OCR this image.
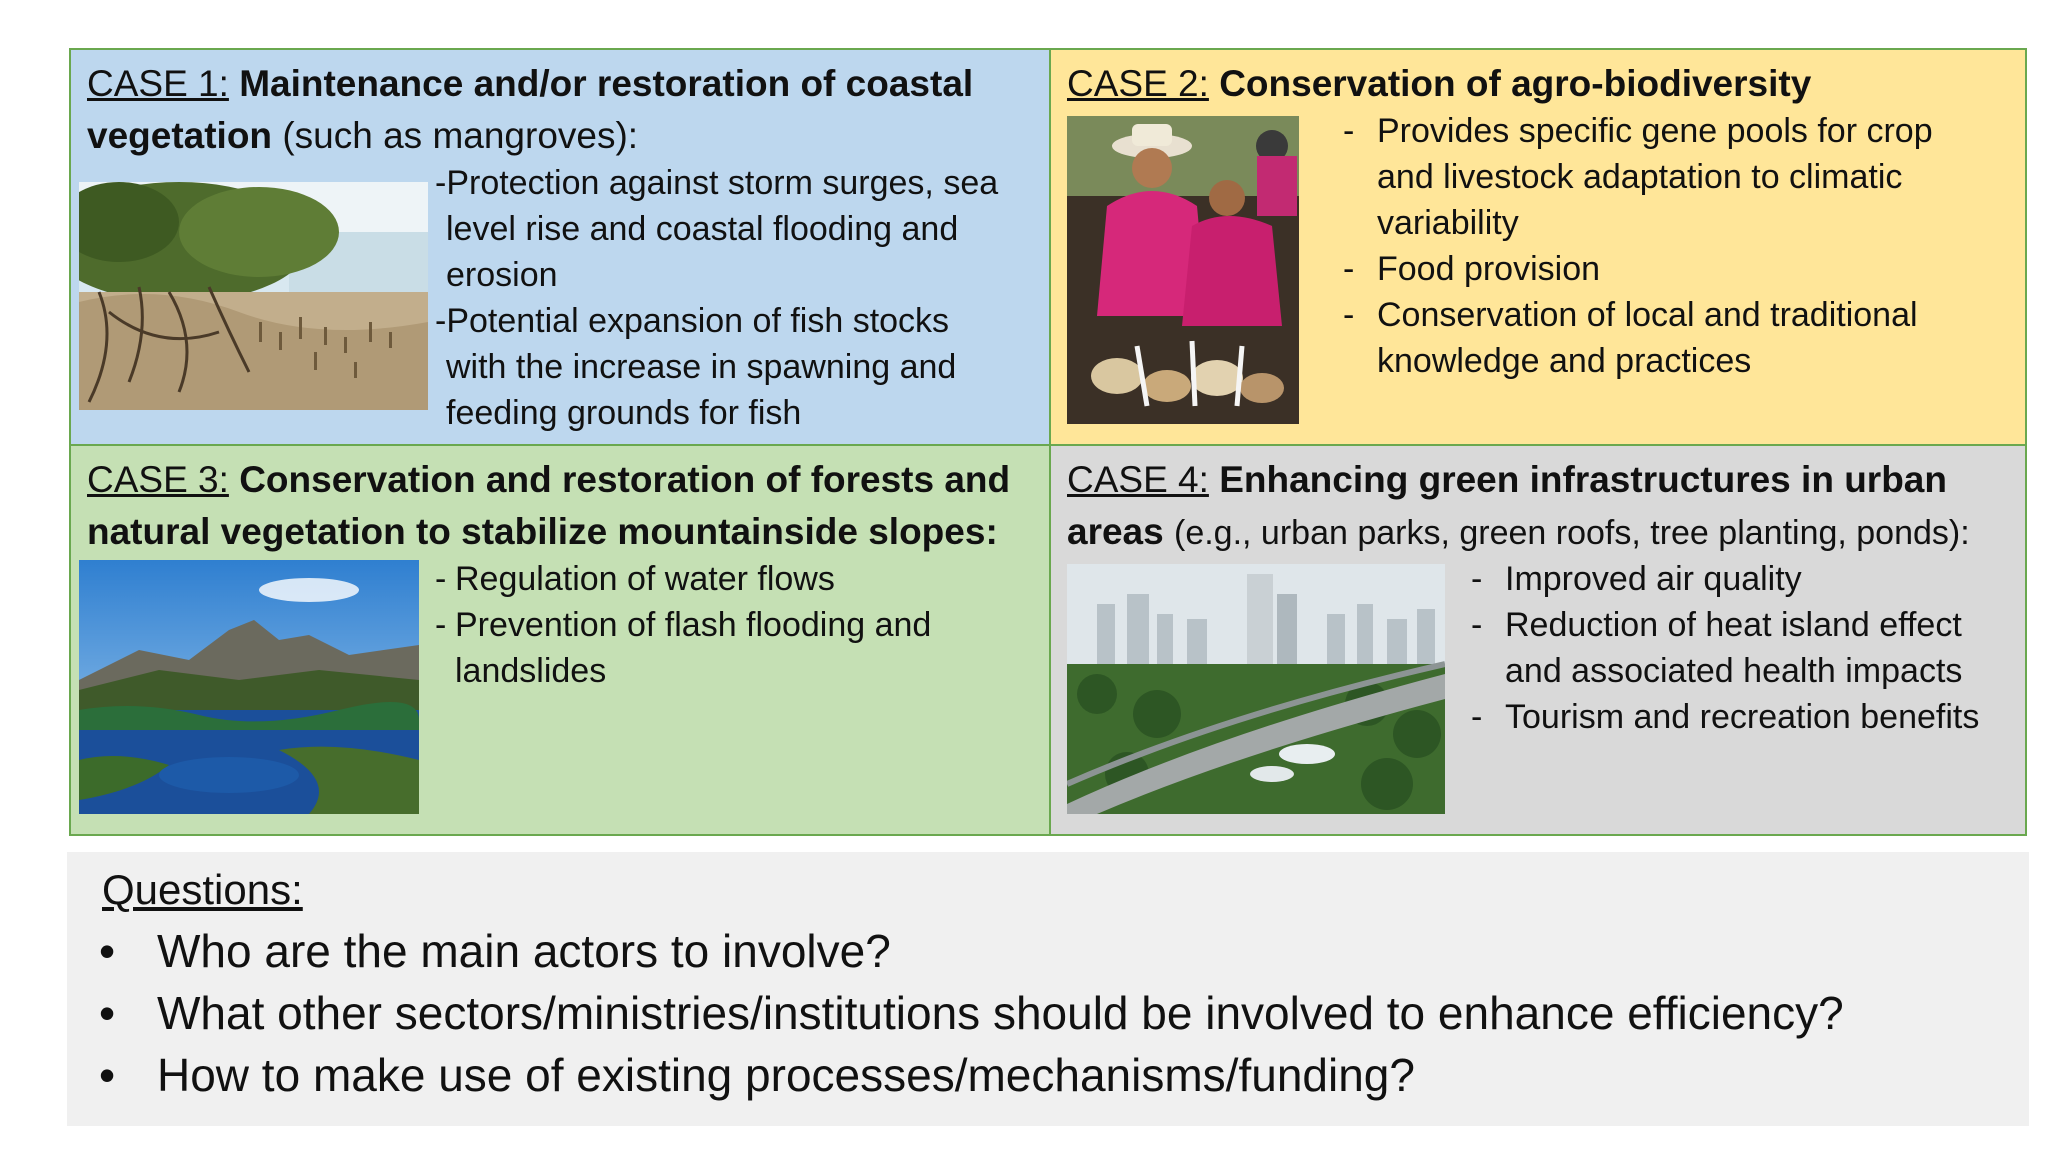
CASE 1: Maintenance and/or restoration of coastal
vegetation (such as mangroves):
-Protection against storm surges, sea
level rise and coastal flooding and
erosion
-Potential expansion of fish stocks
with the increase in spawning and
feeding grounds for fish
CASE 2: Conservation of agro-biodiversity
- Provides specific gene pools for crop
and livestock adaptation to climatic
variability
- Food provision
- Conservation of local and traditional
knowledge and practices
CASE 3: Conservation and restoration of forests and
natural vegetation to stabilize mountainside slopes:
- Regulation of water flows
- Prevention of flash flooding and
landslides
CASE 4: Enhancing green infrastructures in urban
areas (e.g., urban parks, green roofs, tree planting, ponds):
- Improved air quality
- Reduction of heat island effect
and associated health impacts
- Tourism and recreation benefits
Questions:
• Who are the main actors to involve?
• What other sectors/ministries/institutions should be involved to enhance efficiency?
• How to make use of existing processes/mechanisms/funding?
